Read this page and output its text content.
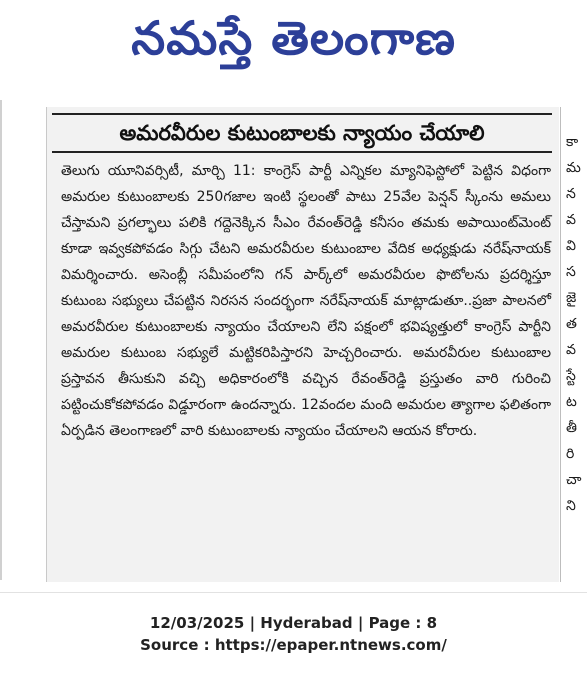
నమస్తే తెలంగాణ
అమరవీరుల కుటుంబాలకు న్యాయం చేయాలి

తెలుగు యూనివర్సిటీ, మార్చి 11: కాంగ్రెస్ పార్టీ ఎన్నికల మ్యానిఫెస్టోలో పెట్టిన విధంగా అమరుల కుటుంబాలకు 250గజాల ఇంటి స్థలంతో పాటు 25వేల పెన్షన్ స్కీంను అమలు చేస్తామని ప్రగల్భాలు పలికి గద్దెనెక్కిన సీఎం రేవంత్‌రెడ్డి కనీసం తమకు అపాయింట్‌మెంట్ కూడా ఇవ్వకపోవడం సిగ్గు చేటని అమరవీరుల కుటుంబాల వేదిక అధ్యక్షుడు నరేష్‌నాయక్ విమర్శించారు. అసెంబ్లీ సమీపంలోని గన్ పార్క్‌లో అమరవీరుల ఫొటోలను ప్రదర్శిస్తూ కుటుంబ సభ్యులు చేపట్టిన నిరసన సందర్భంగా నరేష్‌నాయక్ మాట్లాడుతూ..ప్రజా పాలనలో అమరవీరుల కుటుంబాలకు న్యాయం చేయాలని లేని పక్షంలో భవిష్యత్తులో కాంగ్రెస్ పార్టీని అమరుల కుటుంబ సభ్యులే మట్టికరిపిస్తారని హెచ్చరించారు. అమరవీరుల కుటుంబాల ప్రస్తావన తీసుకుని వచ్చి అధికారంలోకి వచ్చిన రేవంత్‌రెడ్డి ప్రస్తుతం వారి గురించి పట్టించుకోకపోవడం విడ్డూరంగా ఉందన్నారు. 12వందల మంది అమరుల త్యాగాల ఫలితంగా ఏర్పడిన తెలంగాణలో వారి కుటుంబాలకు న్యాయం చేయాలని ఆయన కోరారు.

కా
మ
న
వ
వి
స
జై
త
వ
స్టే
ట
తీ
రి
చా
ని
12/03/2025 | Hyderabad | Page : 8
Source : https://epaper.ntnews.com/
